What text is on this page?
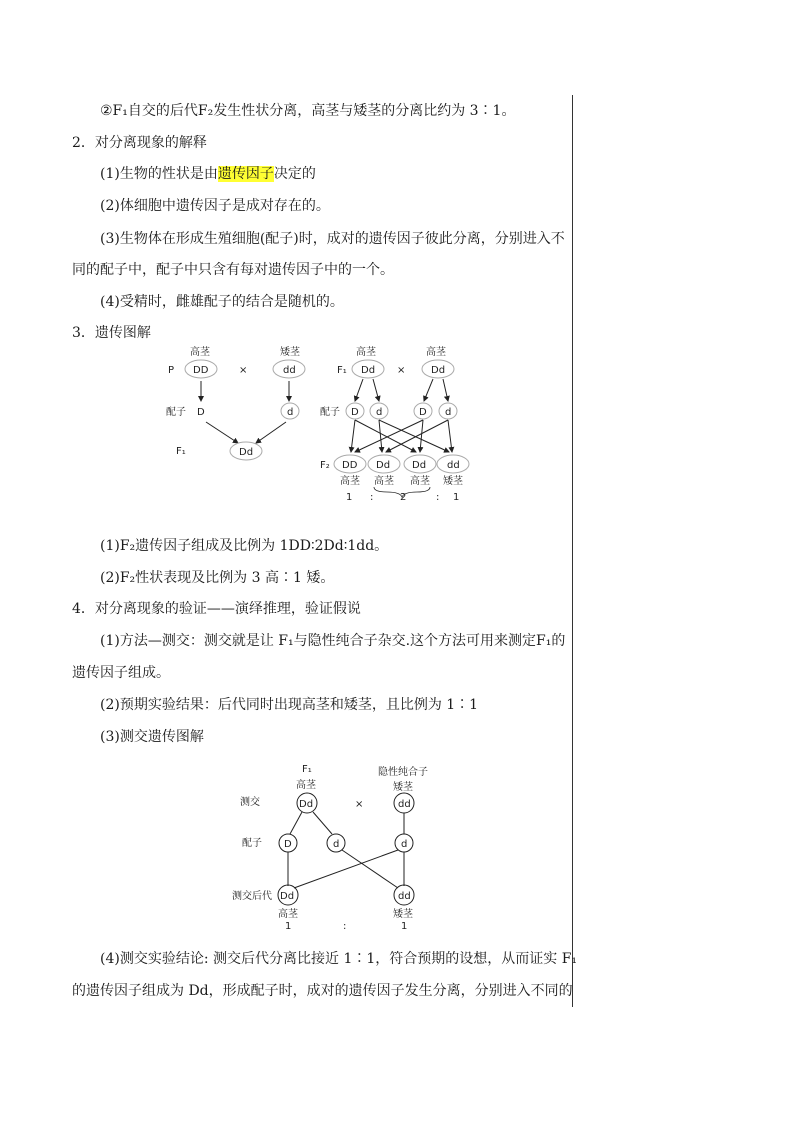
②F₁自交的后代F₂发生性状分离，高茎与矮茎的分离比约为 3∶1。
2．对分离现象的解释
(1)生物的性状是由遗传因子决定的
(2)体细胞中遗传因子是成对存在的。
(3)生物体在形成生殖细胞(配子)时，成对的遗传因子彼此分离，分别进入不
同的配子中，配子中只含有每对遗传因子中的一个。
(4)受精时，雌雄配子的结合是随机的。
3．遗传图解
高茎	矮茎
P DD	×	dd
配子 D	d
F₁	Dd
高茎	高茎
F₁ Dd ×	Dd
配子 D d	D d
F₂ DD Dd Dd dd
高茎 高茎 高茎 矮茎
1 :	2	: 1
(1)F₂遗传因子组成及比例为 1DD∶2Dd∶1dd。
(2)F₂性状表现及比例为 3 高∶1 矮。
4．对分离现象的验证——演绎推理，验证假说
(1)方法—测交：测交就是让 F₁与隐性纯合子杂交.这个方法可用来测定F₁的
遗传因子组成。
(2)预期实验结果：后代同时出现高茎和矮茎，且比例为 1∶1
(3)测交遗传图解
F₁
高茎
隐性纯合子
矮茎
测交	Dd	×	dd
配子 D	d	d
测交后代 Dd	dd
高茎	矮茎
1	:	1
(4)测交实验结论: 测交后代分离比接近 1∶1，符合预期的设想，从而证实 F₁
的遗传因子组成为 Dd，形成配子时，成对的遗传因子发生分离，分别进入不同的
